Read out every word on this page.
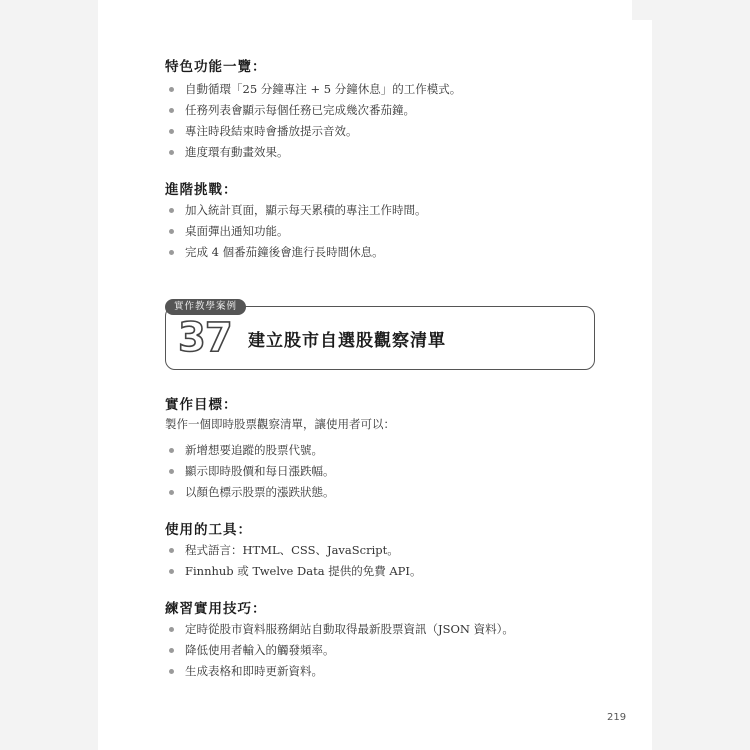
特色功能一覽：
自動循環「25 分鐘專注 + 5 分鐘休息」的工作模式。
任務列表會顯示每個任務已完成幾次番茄鐘。
專注時段結束時會播放提示音效。
進度環有動畫效果。
進階挑戰：
加入統計頁面，顯示每天累積的專注工作時間。
桌面彈出通知功能。
完成 4 個番茄鐘後會進行長時間休息。
實作教學案例
37 建立股市自選股觀察清單
實作目標：
製作一個即時股票觀察清單，讓使用者可以：
新增想要追蹤的股票代號。
顯示即時股價和每日漲跌幅。
以顏色標示股票的漲跌狀態。
使用的工具：
程式語言：HTML、CSS、JavaScript。
Finnhub 或 Twelve Data 提供的免費 API。
練習實用技巧：
定時從股市資料服務網站自動取得最新股票資訊（JSON 資料）。
降低使用者輸入的觸發頻率。
生成表格和即時更新資料。
219
